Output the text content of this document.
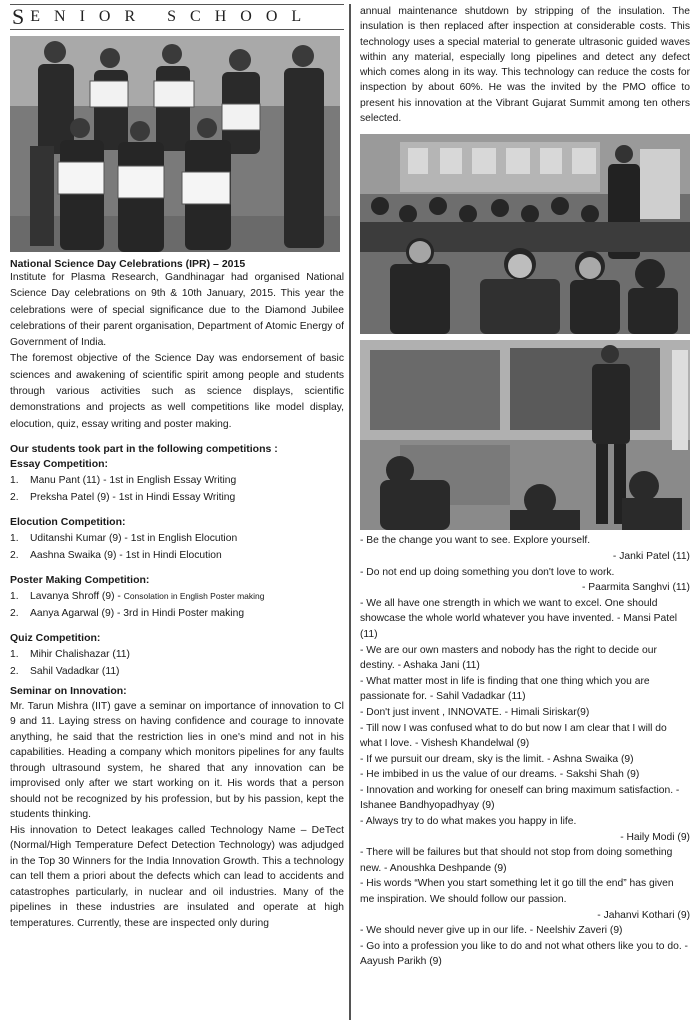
S ENIOR SCHOOL
National Science Day Celebrations (IPR) – 2015

Institute for Plasma Research, Gandhinagar had organised National Science Day celebrations on 9th & 10th January, 2015. This year the celebrations were of special significance due to the Diamond Jubilee celebrations of their parent organisation, Department of Atomic Energy of Government of India.

The foremost objective of the Science Day was endorsement of basic sciences and awakening of scientific spirit among people and students through various activities such as science displays, scientific demonstrations and projects as well competitions like model display, elocution, quiz, essay writing and poster making.

Our students took part in the following competitions :
Essay Competition:
1.	Manu Pant (11) - 1st in English Essay Writing
2.	Preksha Patel (9) - 1st in Hindi Essay Writing
Elocution Competition:
1.	Uditanshi Kumar (9) - 1st in English Elocution
2.	Aashna Swaika (9) - 1st in Hindi Elocution
Poster Making Competition:
1.	Lavanya Shroff (9) - Consolation in English Poster making
2.	Aanya Agarwal (9) - 3rd in Hindi Poster making
Quiz Competition:
1.	Mihir Chalishazar (11)
2.	Sahil Vadadkar (11)
Seminar on Innovation:

Mr. Tarun Mishra (IIT) gave a seminar on importance of innovation to Cl 9 and 11. Laying stress on having confidence and courage to innovate anything, he said that the restriction lies in one's mind and not in his capabilities. Heading a company which monitors pipelines for any faults through ultrasound system, he shared that any innovation can be improvised only after we start working on it. His words that a person should not be recognized by his profession, but by his passion, kept the students thinking.

His innovation to Detect leakages called Technology Name – DeTect (Normal/High Temperature Defect Detection Technology) was adjudged in the Top 30 Winners for the India Innovation Growth. This a technology can tell them a priori about the defects which can lead to accidents and catastrophes particularly, in nuclear and oil industries. Many of the pipelines in these industries are insulated and operate at high temperatures. Currently, these are inspected only during

annual maintenance shutdown by stripping of the insulation. The insulation is then replaced after inspection at considerable costs. This technology uses a special material to generate ultrasonic guided waves within any material, especially long pipelines and detect any defect which comes along in its way. This technology can reduce the costs for inspection by about 60%. He was the invited by the PMO office to present his innovation at the Vibrant Gujarat Summit among ten others selected.

- Be the change you want to see. Explore yourself.
- Janki Patel (11)
- Do not end up doing something you don't love to work.
- Paarmita Sanghvi (11)
- We all have one strength in which we want to excel. One should showcase the whole world whatever you have invented. - Mansi Patel (11)
- We are our own masters and nobody has the right to decide our destiny. - Ashaka Jani (11)
- What matter most in life is finding that one thing which you are passionate for. - Sahil Vadadkar (11)
- Don't just invent , INNOVATE. - Himali Siriskar(9)
- Till now I was confused what to do but now I am clear that I will do what I love. - Vishesh Khandelwal (9)
- If we pursuit our dream, sky is the limit. - Ashna Swaika (9)
- He imbibed in us the value of our dreams. - Sakshi Shah (9)
- Innovation and working for oneself can bring maximum satisfaction. - Ishanee Bandhyopadhyay (9)
- Always try to do what makes you happy in life.
- Haily Modi (9)
- There will be failures but that should not stop from doing something new. - Anoushka Deshpande (9)
- His words “When you start something let it go till the end” has given me inspiration. We should follow our passion.
- Jahanvi Kothari (9)
- We should never give up in our life. - Neelshiv Zaveri (9)
- Go into a profession you like to do and not what others like you to do. - Aayush Parikh (9)
